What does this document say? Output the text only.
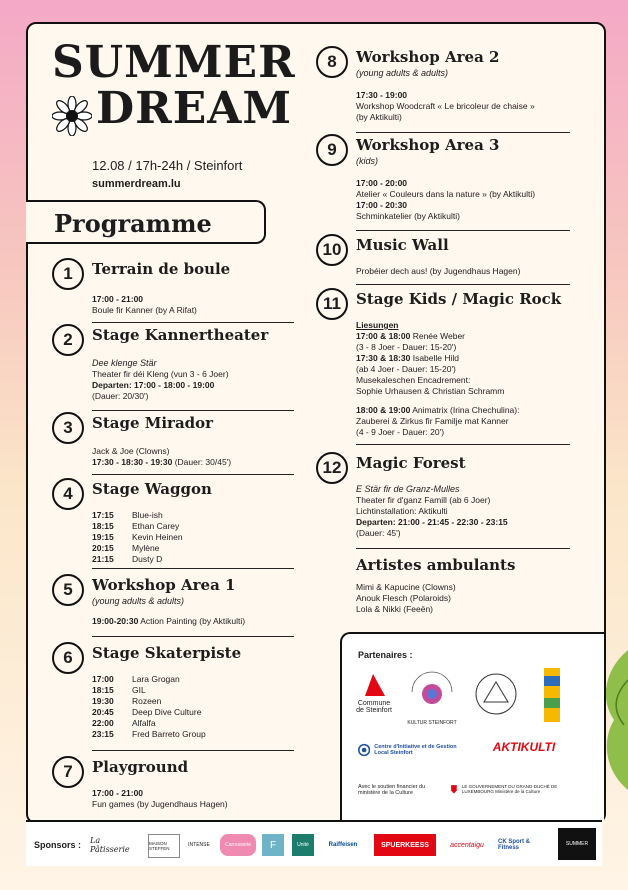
SUMMER
DREAM
12.08 / 17h-24h / Steinfort
summerdream.lu
Programme
1	Terrain de boule
17:00 - 21:00
Boule fir Kanner (by A Rifat)
2	Stage Kannertheater
Dee klenge Stär
Theater fir déi Kleng (vun 3 - 6 Joer)
Departen: 17:00 - 18:00 - 19:00
(Dauer: 20/30')
3	Stage Mirador
Jack & Joe (Clowns)
17:30 - 18:30 - 19:30 (Dauer: 30/45')
4	Stage Waggon
17:15	Blue-ish
18:15	Ethan Carey
19:15	Kevin Heinen
20:15	Mylène
21:15	Dusty D
5	Workshop Area 1
(young adults & adults)
19:00-20:30 Action Painting (by Aktikulti)
6	Stage Skaterpiste
17:00	Lara Grogan
18:15	GIL
19:30	Rozeen
20:45	Deep Dive Culture
22:00	Alfalfa
23:15	Fred Barreto Group
7	Playground
17:00 - 21:00
Fun games (by Jugendhaus Hagen)
8	Workshop Area 2
(young adults & adults)
17:30 - 19:00
Workshop Woodcraft « Le bricoleur de chaise »
(by Aktikulti)
9	Workshop Area 3
(kids)
17:00 - 20:00
Atelier « Couleurs dans la nature » (by Aktikulti)
17:00 - 20:30
Schminkatelier (by Aktikulti)
10 Music Wall
Probéier dech aus! (by Jugendhaus Hagen)
11	Stage Kids / Magic Rock
Liesungen
17:00 & 18:00 Renée Weber
(3 - 8 Joer - Dauer: 15-20')
17:30 & 18:30 Isabelle Hild
(ab 4 Joer - Dauer: 15-20')
Musekaleschen Encadrement:
Sophie Urhausen & Christian Schramm
18:00 & 19:00 Animatrix (Irina Chechulina):
Zauberei & Zirkus fir Familje mat Kanner
(4 - 9 Joer - Dauer: 20')
12 Magic Forest
E Stär fir de Granz-Mulles
Theater fir d'ganz Famill (ab 6 Joer)
Lichtinstallation: Aktikulti
Departen: 21:00 - 21:45 - 22:30 - 23:15
(Dauer: 45')
Artistes ambulants
Mimi & Kapucine (Clowns)
Anouk Flesch (Polaroids)
Lola & Nikki (Feeën)
Partenaires :
Commune de Steinfort
KULTUR STEINFORT
Centre d'Initiative et de Gestion Local Steinfort	AKTIKULTI
Avec le soutien financier du ministère de la Culture
LE GOUVERNEMENT DU GRAND-DUCHÉ DE LUXEMBOURG Ministère de la Culture
Sponsors : La Pâtisserie
MAISON STEFFEN
INTENSE	Carrosserie	F	Unité	Raiffeisen	SPUERKEESS	accentaigu	CK Sport & Fitness
SUMMER
